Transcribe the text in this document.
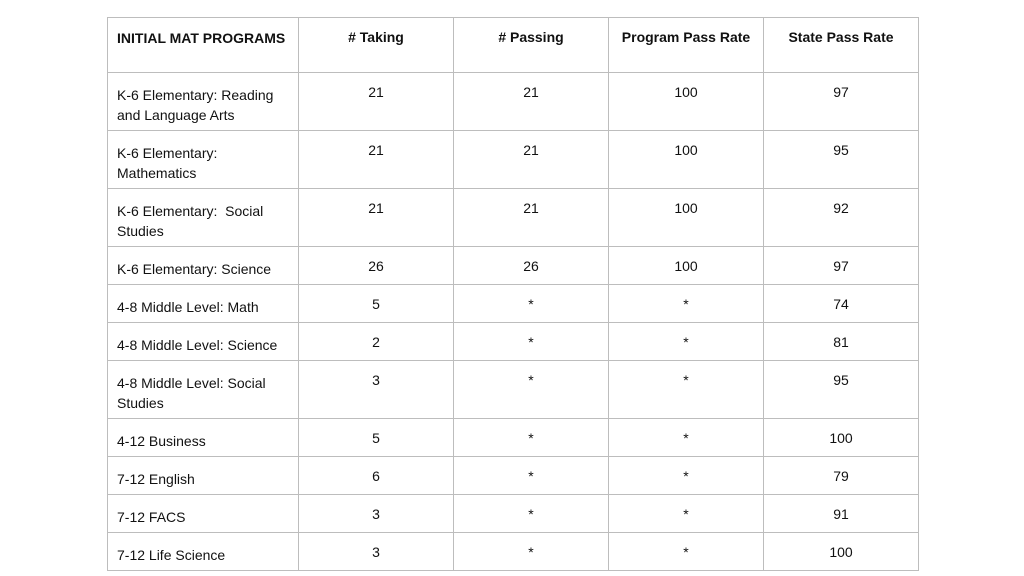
INITIAL MAT PROGRAMS	# Taking	# Passing	Program Pass Rate	State Pass Rate

K-6 Elementary: Reading and Language Arts	21	21	100	97

K-6 Elementary: Mathematics	21	21	100	95

K-6 Elementary:  Social Studies	21	21	100	92

K-6 Elementary: Science	26	26	100	97

4-8 Middle Level: Math	5	*	*	74

4-8 Middle Level: Science	2	*	*	81

4-8 Middle Level: Social Studies	3	*	*	95

4-12 Business	5	*	*	100

7-12 English	6	*	*	79

7-12 FACS	3	*	*	91

7-12 Life Science	3	*	*	100
